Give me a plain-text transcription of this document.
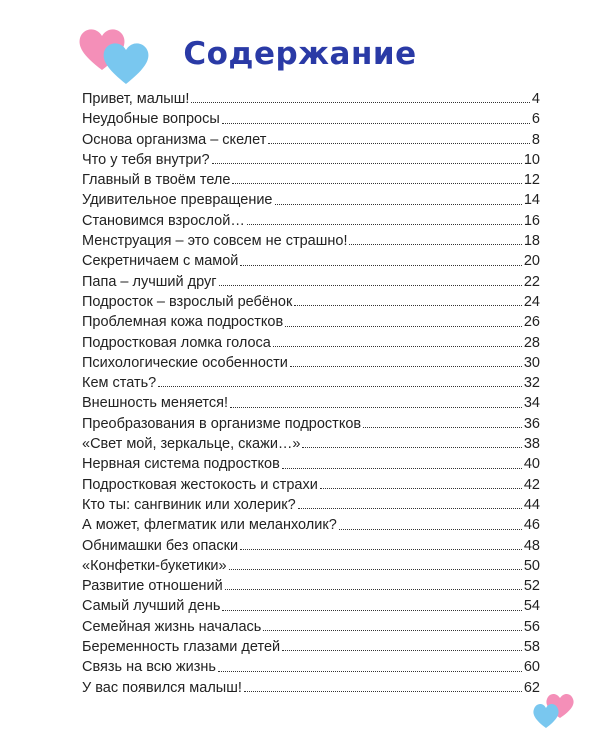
Содержание
Привет, малыш!	4
Неудобные вопросы	6
Основа организма – скелет	8
Что у тебя внутри?	10
Главный в твоём теле	12
Удивительное превращение	14
Становимся взрослой…	16
Менструация – это совсем не страшно!	18
Секретничаем с мамой	20
Папа – лучший друг	22
Подросток – взрослый ребёнок	24
Проблемная кожа подростков	26
Подростковая ломка голоса	28
Психологические особенности	30
Кем стать?	32
Внешность меняется!	34
Преобразования в организме подростков	36
«Свет мой, зеркальце, скажи…»	38
Нервная система подростков	40
Подростковая жестокость и страхи	42
Кто ты: сангвиник или холерик?	44
А может, флегматик или меланхолик?	46
Обнимашки без опаски	48
«Конфетки-букетики»	50
Развитие отношений	52
Самый лучший день	54
Семейная жизнь началась	56
Беременность глазами детей	58
Связь на всю жизнь	60
У вас появился малыш!	62
